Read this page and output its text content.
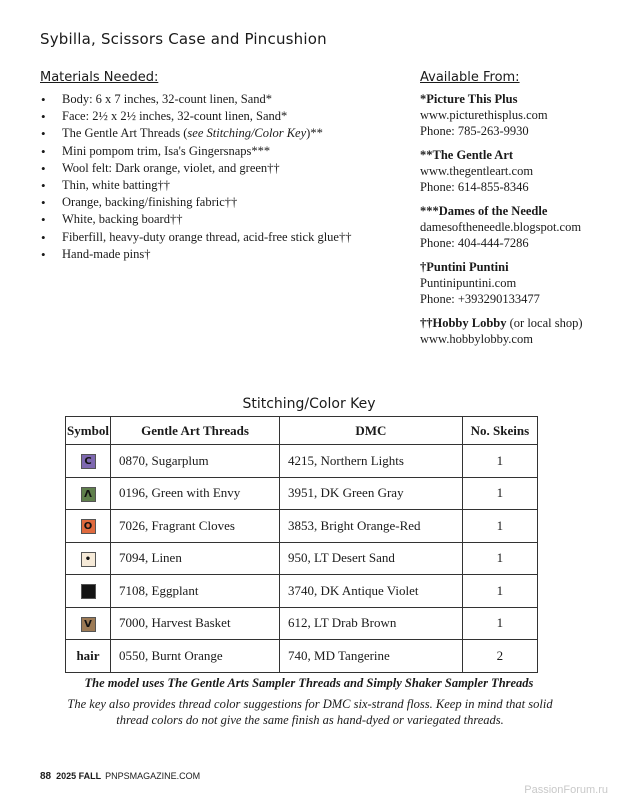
Sybilla, Scissors Case and Pincushion
Materials Needed:
• Body: 6 x 7 inches, 32-count linen, Sand*
• Face: 2½ x 2½ inches, 32-count linen, Sand*
• The Gentle Art Threads (see Stitching/Color Key)**
• Mini pompom trim, Isa's Gingersnaps***
• Wool felt: Dark orange, violet, and green††
• Thin, white batting††
• Orange, backing/finishing fabric††
• White, backing board††
• Fiberfill, heavy-duty orange thread, acid-free stick glue††
• Hand-made pins†
Available From:
*Picture This Plus
www.picturethisplus.com
Phone: 785-263-9930
**The Gentle Art
www.thegentleart.com
Phone: 614-855-8346
***Dames of the Needle
damesoftheneedle.blogspot.com
Phone: 404-444-7286
†Puntini Puntini
Puntinipuntini.com
Phone: +393290133477
††Hobby Lobby (or local shop)
www.hobbylobby.com
Stitching/Color Key
Symbol	Gentle Art Threads	DMC	No. Skeins
C	0870, Sugarplum	4215, Northern Lights	1
Λ	0196, Green with Envy	3951, DK Green Gray	1
O	7026, Fragrant Cloves	3853, Bright Orange-Red	1
•	7094, Linen	950, LT Desert Sand	1
	7108, Eggplant	3740, DK Antique Violet	1
V	7000, Harvest Basket	612, LT Drab Brown	1
hair	0550, Burnt Orange	740, MD Tangerine	2
The model uses The Gentle Arts Sampler Threads and Simply Shaker Sampler Threads
The key also provides thread color suggestions for DMC six-strand floss. Keep in mind that solid thread colors do not give the same finish as hand-dyed or variegated threads.
88 2025 FALL PNPSMAGAZINE.COM
PassionForum.ru
